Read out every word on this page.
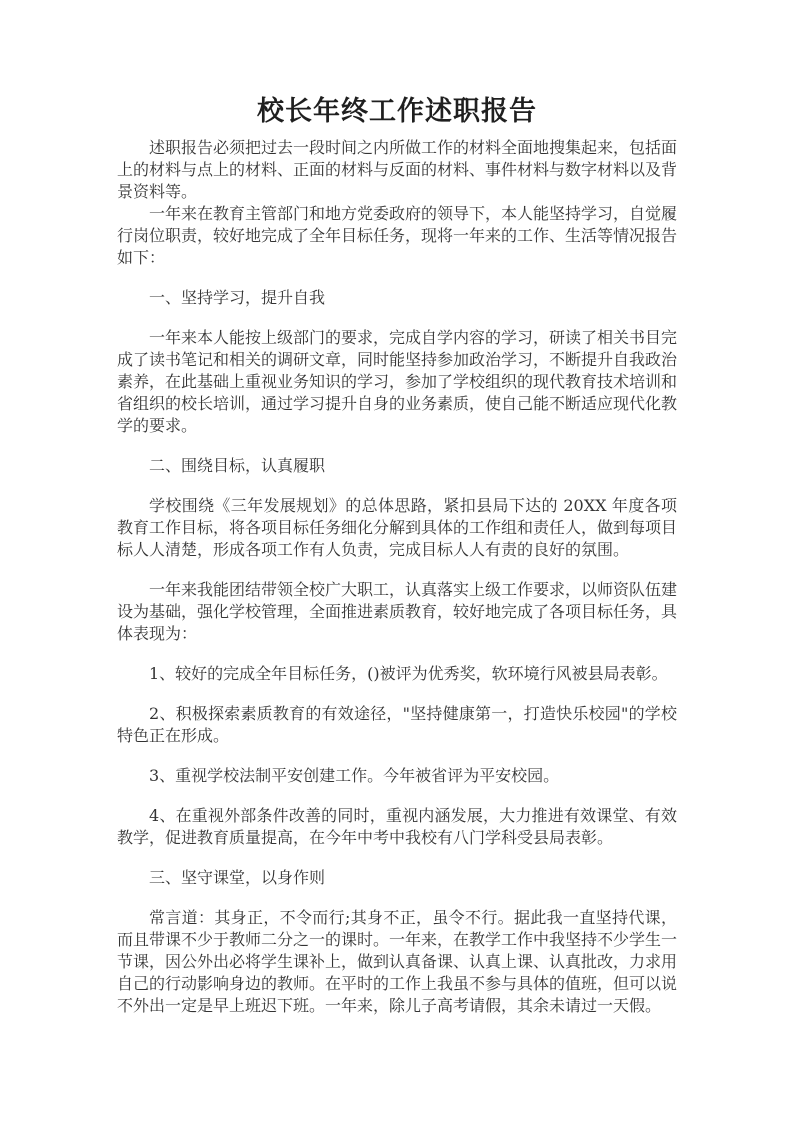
校长年终工作述职报告

述职报告必须把过去一段时间之内所做工作的材料全面地搜集起来，包括面上的材料与点上的材料、正面的材料与反面的材料、事件材料与数字材料以及背景资料等。

一年来在教育主管部门和地方党委政府的领导下，本人能坚持学习，自觉履行岗位职责，较好地完成了全年目标任务，现将一年来的工作、生活等情况报告如下：

一、坚持学习，提升自我

一年来本人能按上级部门的要求，完成自学内容的学习，研读了相关书目完成了读书笔记和相关的调研文章，同时能坚持参加政治学习，不断提升自我政治素养，在此基础上重视业务知识的学习，参加了学校组织的现代教育技术培训和省组织的校长培训，通过学习提升自身的业务素质，使自己能不断适应现代化教学的要求。

二、围绕目标，认真履职

学校围绕《三年发展规划》的总体思路，紧扣县局下达的 20XX 年度各项教育工作目标，将各项目标任务细化分解到具体的工作组和责任人，做到每项目标人人清楚，形成各项工作有人负责，完成目标人人有责的良好的氛围。

一年来我能团结带领全校广大职工，认真落实上级工作要求，以师资队伍建设为基础，强化学校管理，全面推进素质教育，较好地完成了各项目标任务，具体表现为：

1、较好的完成全年目标任务，()被评为优秀奖，软环境行风被县局表彰。

2、积极探索素质教育的有效途径，"坚持健康第一，打造快乐校园"的学校特色正在形成。

3、重视学校法制平安创建工作。今年被省评为平安校园。

4、在重视外部条件改善的同时，重视内涵发展，大力推进有效课堂、有效教学，促进教育质量提高，在今年中考中我校有八门学科受县局表彰。

三、坚守课堂，以身作则

常言道：其身正，不令而行;其身不正，虽令不行。据此我一直坚持代课，而且带课不少于教师二分之一的课时。一年来，在教学工作中我坚持不少学生一节课，因公外出必将学生课补上，做到认真备课、认真上课、认真批改，力求用自己的行动影响身边的教师。在平时的工作上我虽不参与具体的值班，但可以说不外出一定是早上班迟下班。一年来，除儿子高考请假，其余未请过一天假。
